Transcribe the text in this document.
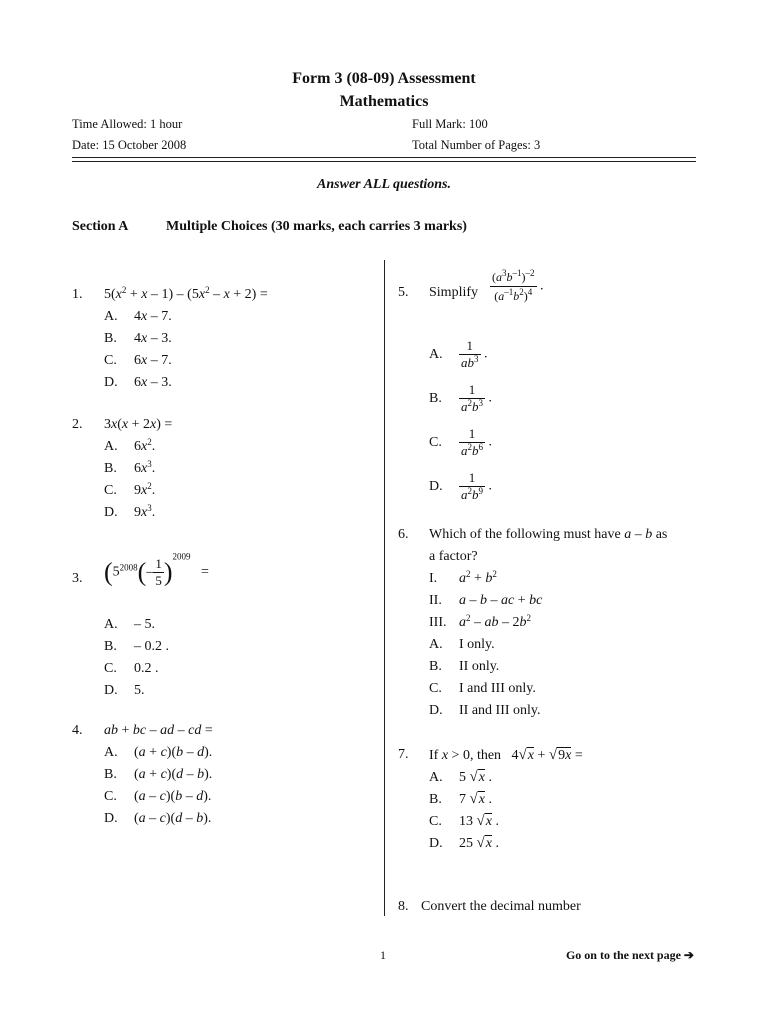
Form 3 (08-09) Assessment
Mathematics
Time Allowed: 1 hour	Full Mark: 100
Date: 15 October 2008	Total Number of Pages: 3
Answer ALL questions.
Section A	Multiple Choices (30 marks, each carries 3 marks)
1. $5(x^2 + x - 1) - (5x^2 - x + 2)$ =
A. 4x – 7.
B. 4x – 3.
C. 6x – 7.
D. 6x – 3.
2. 3x(x + 2x) =
A. $6x^2$.
B. $6x^3$.
C. $9x^2$.
D. $9x^3$.
3. ($5^{2008}(- \frac{1}{5} )^{2009}$   =
A. – 5.
B. – 0.2 .
C. 0.2 .
D. 5.
4. ab + bc – ad – cd =
A. (a + c)(b – d).
B. (a + c)(d – b).
C. (a – c)(b – d).
D. (a – c)(d – b).
5. Simplify $\frac{(a^3b^{-1})^{-2}}{(a^{-1}b^2)^4}$ .
A. $\frac{1}{ab^3}$ .
B. $\frac{1}{a^2b^3}$ .
C. $\frac{1}{a^2b^6}$ .
D. $\frac{1}{a^2b^9}$ .
6. Which of the following must have a – b as
a factor?
I. $a^2 + b^2$
II. a – b – ac + bc
III. $a^2$ – ab – $2b^2$
A. I only.
B. II only.
C. I and III only.
D. II and III only.
7. If x > 0, then   4√x + √9x =
A. 5 √x .
B. 7 √x .
C. 13 √x .
D. 25 √x .
8. Convert the decimal number
1	Go on to the next page ➔
